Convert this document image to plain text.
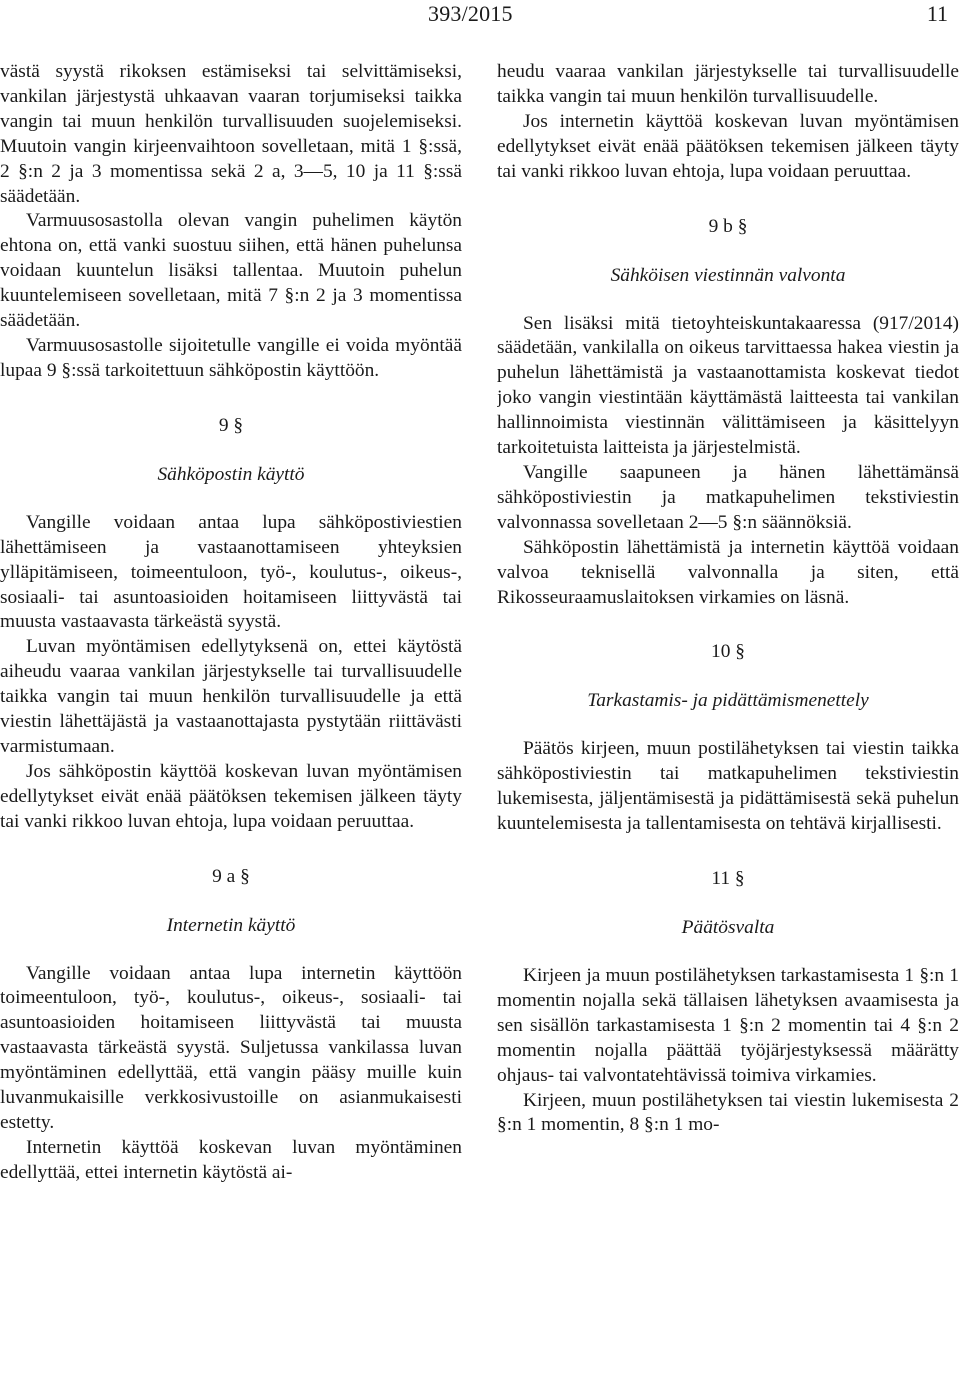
393/2015	11

västä syystä rikoksen estämiseksi tai selvittämiseksi, vankilan järjestystä uhkaavan vaaran torjumiseksi taikka vangin tai muun henkilön turvallisuuden suojelemiseksi. Muutoin vangin kirjeenvaihtoon sovelletaan, mitä 1 §:ssä, 2 §:n 2 ja 3 momentissa sekä 2 a, 3—5, 10 ja 11 §:ssä säädetään.

Varmuusosastolla olevan vangin puhelimen käytön ehtona on, että vanki suostuu siihen, että hänen puhelunsa voidaan kuuntelun lisäksi tallentaa. Muutoin puhelun kuuntelemiseen sovelletaan, mitä 7 §:n 2 ja 3 momentissa säädetään.

Varmuusosastolle sijoitetulle vangille ei voida myöntää lupaa 9 §:ssä tarkoitettuun sähköpostin käyttöön.

9 §

Sähköpostin käyttö

Vangille voidaan antaa lupa sähköpostiviestien lähettämiseen ja vastaanottamiseen yhteyksien ylläpitämiseen, toimeentuloon, työ-, koulutus-, oikeus-, sosiaali- tai asuntoasioiden hoitamiseen liittyvästä tai muusta vastaavasta tärkeästä syystä.

Luvan myöntämisen edellytyksenä on, ettei käytöstä aiheudu vaaraa vankilan järjestykselle tai turvallisuudelle taikka vangin tai muun henkilön turvallisuudelle ja että viestin lähettäjästä ja vastaanottajasta pystytään riittävästi varmistumaan.

Jos sähköpostin käyttöä koskevan luvan myöntämisen edellytykset eivät enää päätöksen tekemisen jälkeen täyty tai vanki rikkoo luvan ehtoja, lupa voidaan peruuttaa.

9 a §

Internetin käyttö

Vangille voidaan antaa lupa internetin käyttöön toimeentuloon, työ-, koulutus-, oikeus-, sosiaali- tai asuntoasioiden hoitamiseen liittyvästä tai muusta vastaavasta tärkeästä syystä. Suljetussa vankilassa luvan myöntäminen edellyttää, että vangin pääsy muille kuin luvanmukaisille verkkosivustoille on asianmukaisesti estetty.

Internetin käyttöä koskevan luvan myöntäminen edellyttää, ettei internetin käytöstä ai-

heudu vaaraa vankilan järjestykselle tai turvallisuudelle taikka vangin tai muun henkilön turvallisuudelle.

Jos internetin käyttöä koskevan luvan myöntämisen edellytykset eivät enää päätöksen tekemisen jälkeen täyty tai vanki rikkoo luvan ehtoja, lupa voidaan peruuttaa.

9 b §

Sähköisen viestinnän valvonta

Sen lisäksi mitä tietoyhteiskuntakaaressa (917/2014) säädetään, vankilalla on oikeus tarvittaessa hakea viestin ja puhelun lähettämistä ja vastaanottamista koskevat tiedot joko vangin viestintään käyttämästä laitteesta tai vankilan hallinnoimista viestinnän välittämiseen ja käsittelyyn tarkoitetuista laitteista ja järjestelmistä.

Vangille saapuneen ja hänen lähettämänsä sähköpostiviestin ja matkapuhelimen tekstiviestin valvonnassa sovelletaan 2—5 §:n säännöksiä.

Sähköpostin lähettämistä ja internetin käyttöä voidaan valvoa teknisellä valvonnalla ja siten, että Rikosseuraamuslaitoksen virkamies on läsnä.

10 §

Tarkastamis- ja pidättämismenettely

Päätös kirjeen, muun postilähetyksen tai viestin taikka sähköpostiviestin tai matkapuhelimen tekstiviestin lukemisesta, jäljentämisestä ja pidättämisestä sekä puhelun kuuntelemisesta ja tallentamisesta on tehtävä kirjallisesti.

11 §

Päätösvalta

Kirjeen ja muun postilähetyksen tarkastamisesta 1 §:n 1 momentin nojalla sekä tällaisen lähetyksen avaamisesta ja sen sisällön tarkastamisesta 1 §:n 2 momentin tai 4 §:n 2 momentin nojalla päättää työjärjestyksessä määrätty ohjaus- tai valvontatehtävissä toimiva virkamies.

Kirjeen, muun postilähetyksen tai viestin lukemisesta 2 §:n 1 momentin, 8 §:n 1 mo-
